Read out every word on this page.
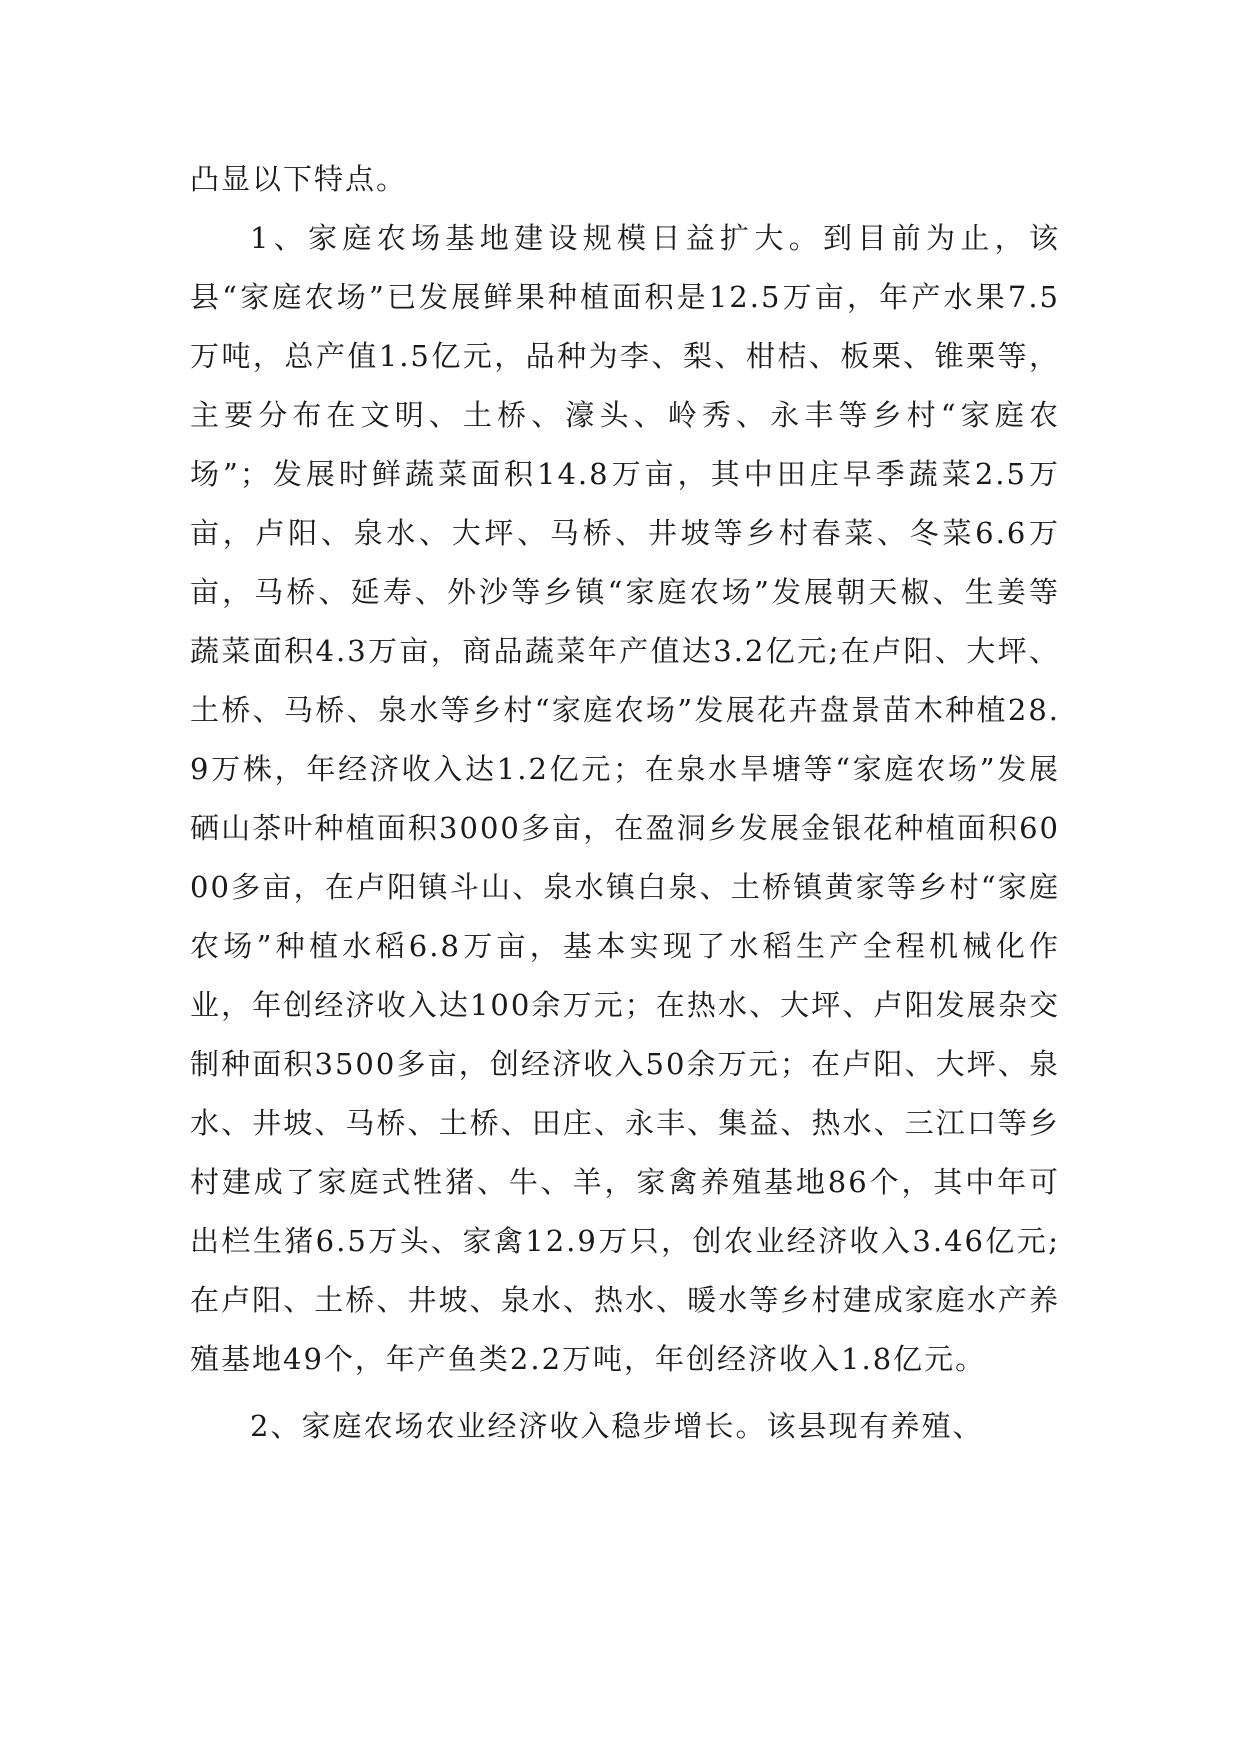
凸显以下特点。

1、家庭农场基地建设规模日益扩大。到目前为止，该县“家庭农场”已发展鲜果种植面积是12.5万亩，年产水果7.5万吨，总产值1.5亿元，品种为李、梨、柑桔、板栗、锥栗等，主要分布在文明、土桥、濠头、岭秀、永丰等乡村“家庭农场”；发展时鲜蔬菜面积14.8万亩，其中田庄早季蔬菜2.5万亩，卢阳、泉水、大坪、马桥、井坡等乡村春菜、冬菜6.6万亩，马桥、延寿、外沙等乡镇“家庭农场”发展朝天椒、生姜等蔬菜面积4.3万亩，商品蔬菜年产值达3.2亿元;在卢阳、大坪、土桥、马桥、泉水等乡村“家庭农场”发展花卉盘景苗木种植28.9万株，年经济收入达1.2亿元；在泉水旱塘等“家庭农场”发展硒山茶叶种植面积3000多亩，在盈洞乡发展金银花种植面积6000多亩，在卢阳镇斗山、泉水镇白泉、土桥镇黄家等乡村“家庭农场”种植水稻6.8万亩，基本实现了水稻生产全程机械化作业，年创经济收入达100余万元；在热水、大坪、卢阳发展杂交制种面积3500多亩，创经济收入50余万元；在卢阳、大坪、泉水、井坡、马桥、土桥、田庄、永丰、集益、热水、三江口等乡村建成了家庭式牲猪、牛、羊，家禽养殖基地86个，其中年可出栏生猪6.5万头、家禽12.9万只，创农业经济收入3.46亿元;在卢阳、土桥、井坡、泉水、热水、暖水等乡村建成家庭水产养殖基地49个，年产鱼类2.2万吨，年创经济收入1.8亿元。

2、家庭农场农业经济收入稳步增长。该县现有养殖、
